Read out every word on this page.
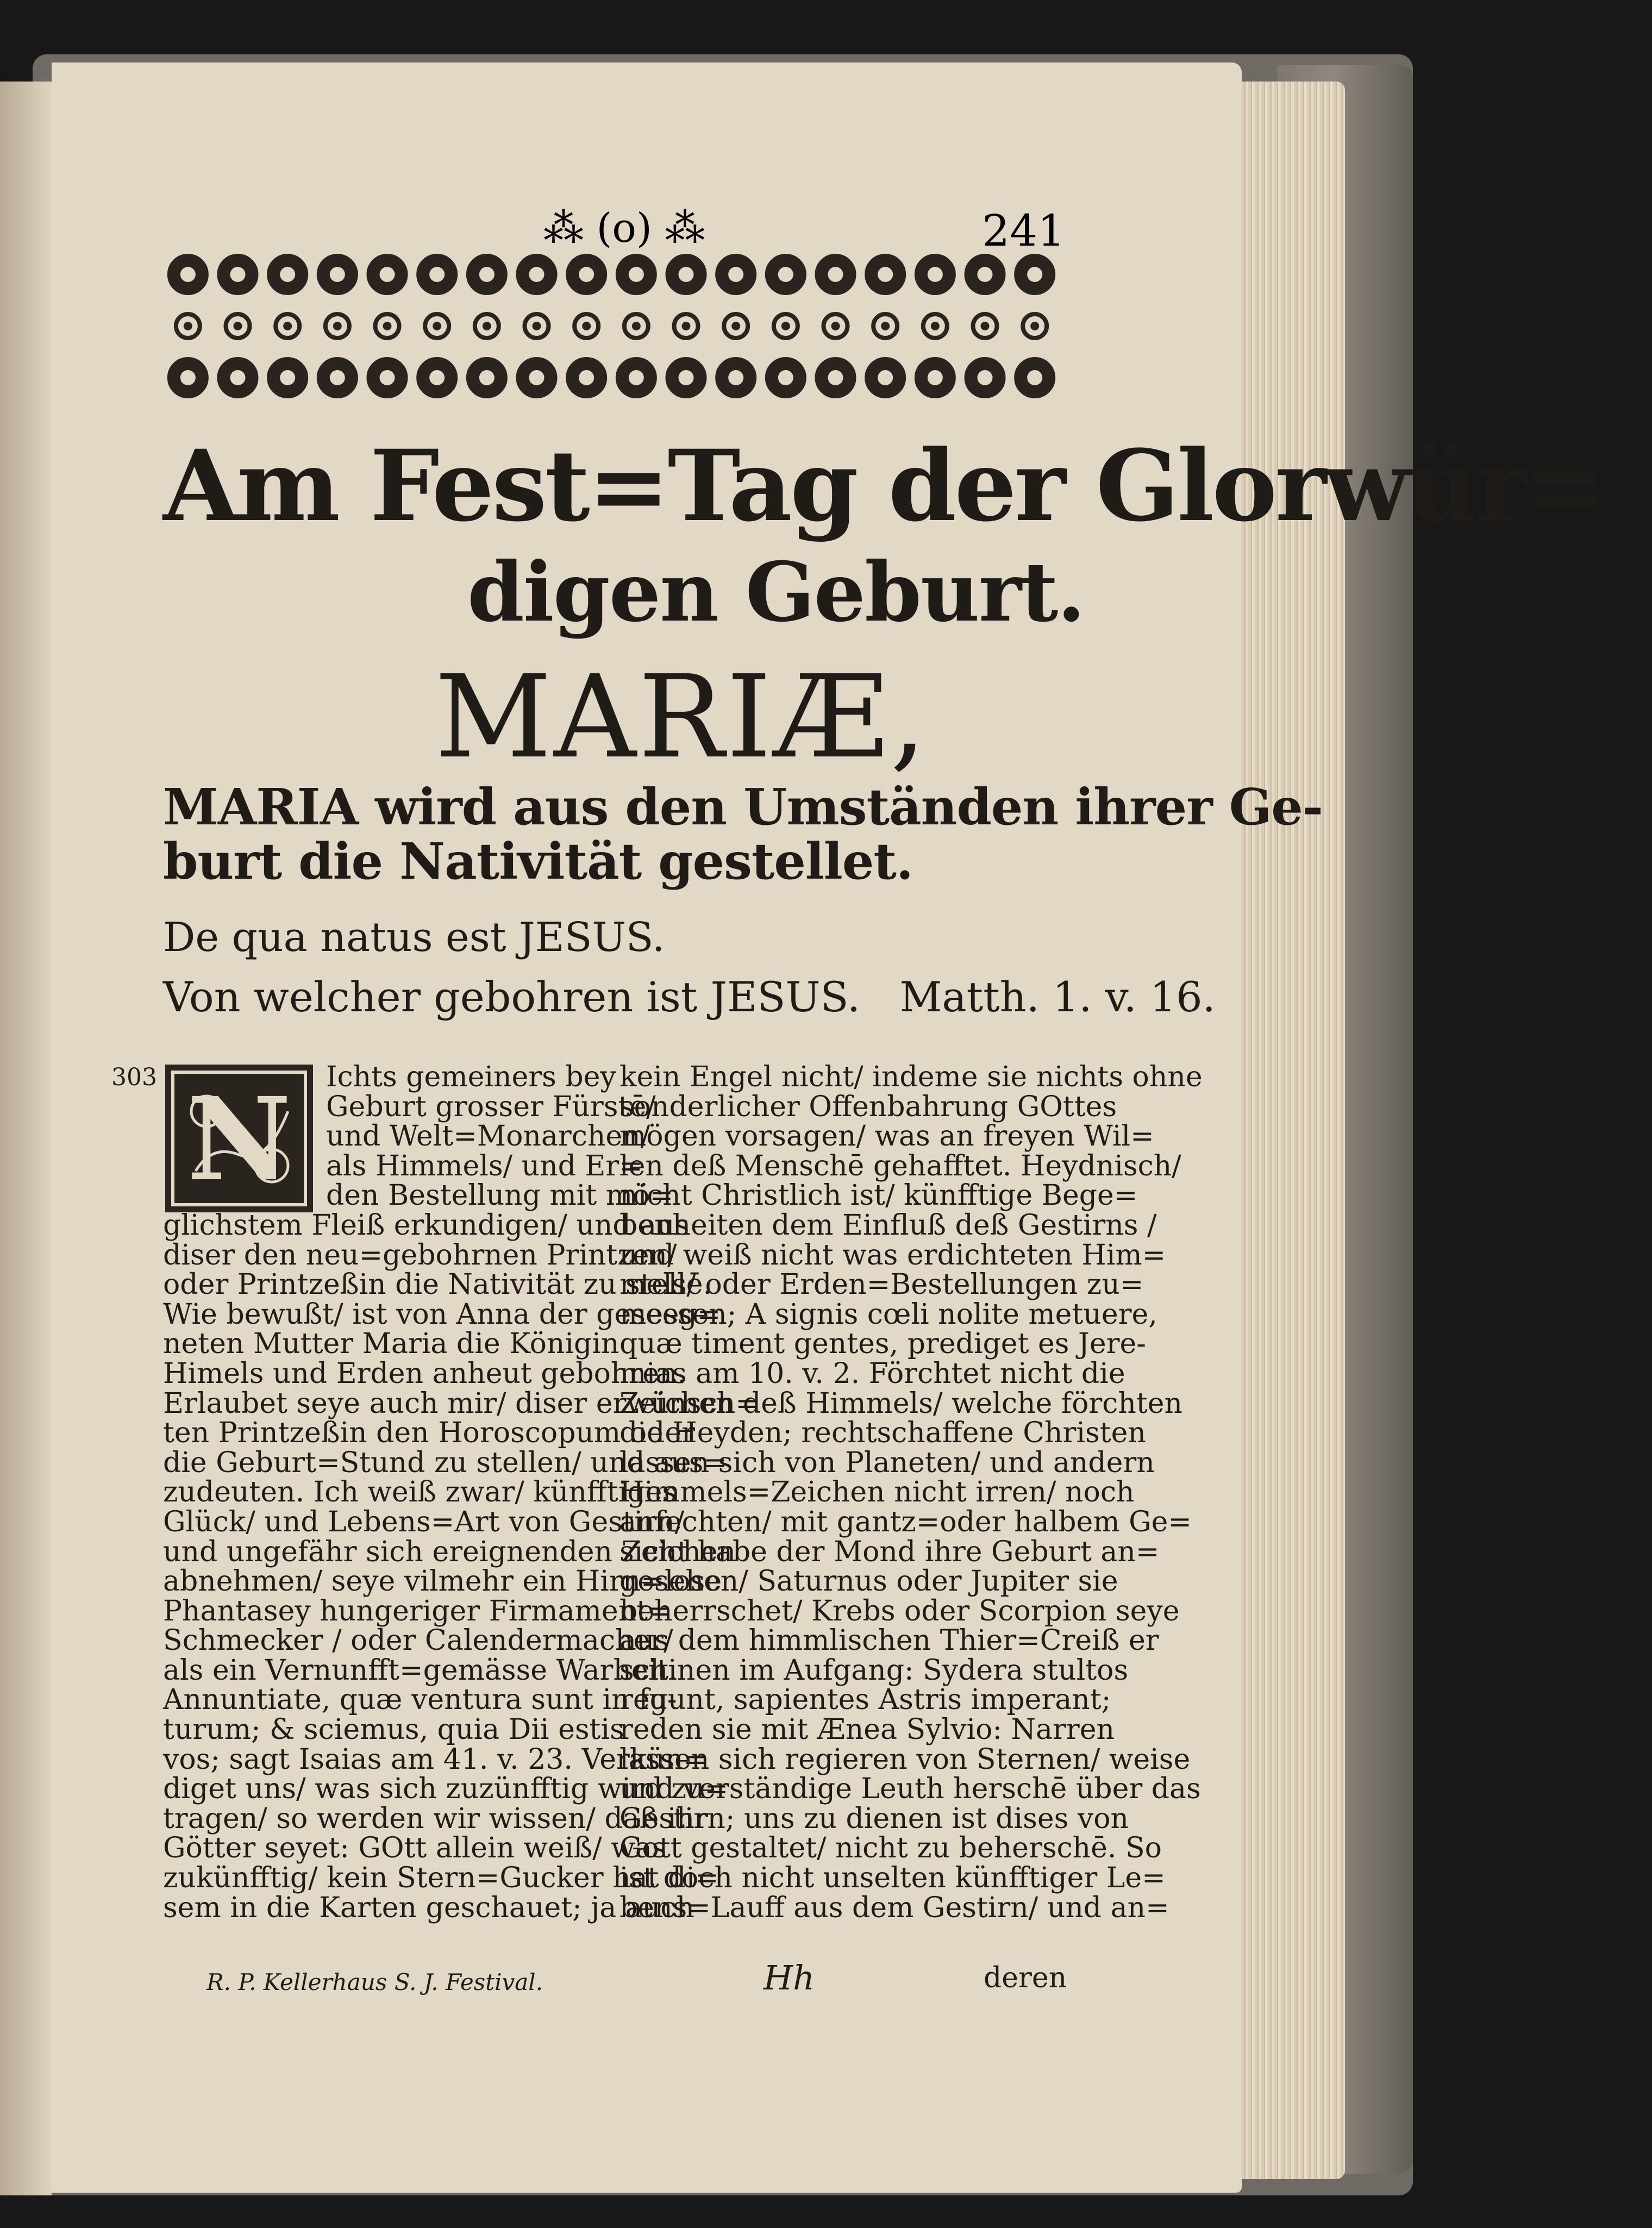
⁂ (o) ⁂	241

Am Fest=Tag der Glorwür=

digen Geburt.

MARIÆ,

MARIA wird aus den Umständen ihrer Ge-

burt die Nativität gestellet.

De qua natus est JESUS.

Von welcher gebohren ist JESUS. Matth. 1. v. 16.

303 N	Ichts gemeiners bey
Geburt grosser Fürstē/
und Welt=Monarchen/
als Himmels/ und Er=
den Bestellung mit mö=
glichstem Fleiß erkundigen/ und aus
diser den neu=gebohrnen Printzen/
oder Printzeßin die Nativität zu stellē.
Wie bewußt/ ist von Anna der geseeg=
neten Mutter Maria die Königin
Himels und Erden anheut gebohren.
Erlaubet seye auch mir/ diser erwünsch=
ten Printzeßin den Horoscopum oder
die Geburt=Stund zu stellen/ und aus=
zudeuten. Ich weiß zwar/ künfftiges
Glück/ und Lebens=Art von Gestirn/
und ungefähr sich ereignenden Zeichen
abnehmen/ seye vilmehr ein Hirn=lose
Phantasey hungeriger Firmament=
Schmecker / oder Calendermacher/
als ein Vernunfft=gemässe Warheit.
Annuntiate, quæ ventura sunt in fu-
turum; & sciemus, quia Dii estis
vos; sagt Isaias am 41. v. 23. Verkün=
diget uns/ was sich zuzünfftig wird zu=
tragen/ so werden wir wissen/ daß ihr
Götter seyet: GOtt allein weiß/ was
zukünfftig/ kein Stern=Gucker hat di=
sem in die Karten geschauet; ja auch
kein Engel nicht/ indeme sie nichts ohne
sonderlicher Offenbahrung GOttes
mögen vorsagen/ was an freyen Wil=
len deß Menschē gehafftet. Heydnisch/
nicht Christlich ist/ künfftige Bege=
benheiten dem Einfluß deß Gestirns /
und weiß nicht was erdichteten Him=
mels/ oder Erden=Bestellungen zu=
messen; A signis cœli nolite metuere,
quæ timent gentes, prediget es Jere-
mias am 10. v. 2. Förchtet nicht die
Zeichen deß Himmels/ welche förchten
die Heyden; rechtschaffene Christen
lassen sich von Planeten/ und andern
Himmels=Zeichen nicht irren/ noch
anfechten/ mit gantz=oder halbem Ge=
sicht habe der Mond ihre Geburt an=
gesehen/ Saturnus oder Jupiter sie
beherrschet/ Krebs oder Scorpion seye
aus dem himmlischen Thier=Creiß er
schinen im Aufgang: Sydera stultos
regunt, sapientes Astris imperant;
reden sie mit Ænea Sylvio: Narren
lassen sich regieren von Sternen/ weise
und verständige Leuth herschē über das
Gestirn; uns zu dienen ist dises von
Gott gestaltet/ nicht zu beherschē. So
ist doch nicht unselten künfftiger Le=
bens=Lauff aus dem Gestirn/ und an=

R. P. Kellerhaus S. J. Festival.	Hh	deren
